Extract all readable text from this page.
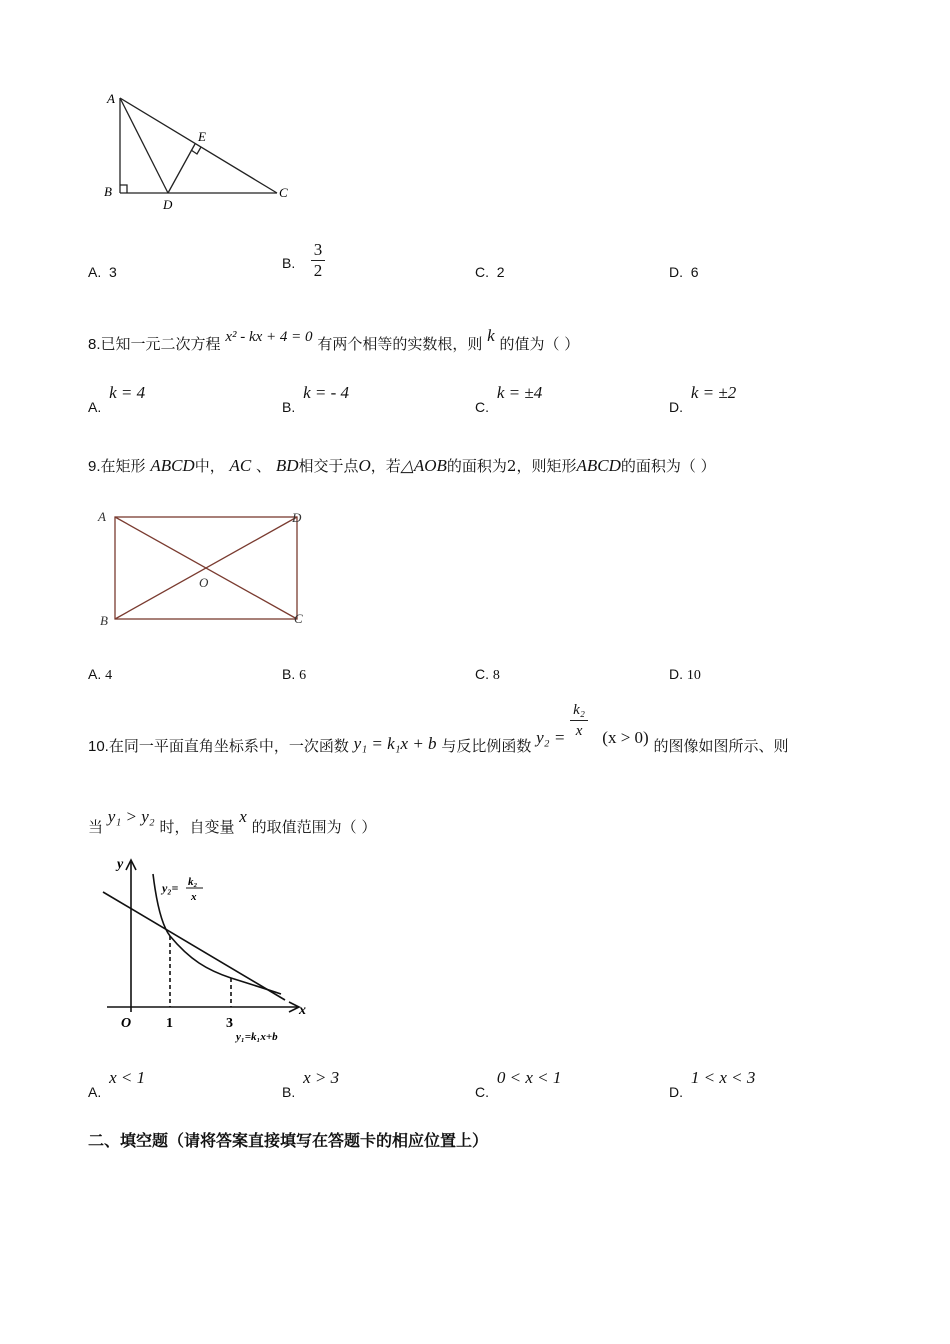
A
B	C
D
E
A. 3
B. $\frac{3}{2}$	C. 2	D. 6
8.已知一元二次方程 x² - kx + 4 = 0 有两个相等的实数根，则 k 的值为（ ）
A. k = 4
B. k = - 4
C. k = ±4
D. k = ±2
9.在矩形 ABCD中， AC 、 BD相交于点O，若△AOB的面积为2，则矩形ABCD的面积为（ ）
A
B	C
D
O
A. 4	B. 6	C. 8	D. 10
10.在同一平面直角坐标系中，一次函数 y₁ = k₁x + b 与反比例函数 $y_2 = \frac{\text{k₂}}{x} (x > 0)$ 的图像如图所示、则
当 y₁ > y₂ 时，自变量 x 的取值范围为（ ）
y
x
O 1	3
y₂= k₂
x
y₁=k₁x+b
A. x < 1
B. x > 3
C. 0 < x < 1
D. 1 < x < 3
二、填空题（请将答案直接填写在答题卡的相应位置上）
